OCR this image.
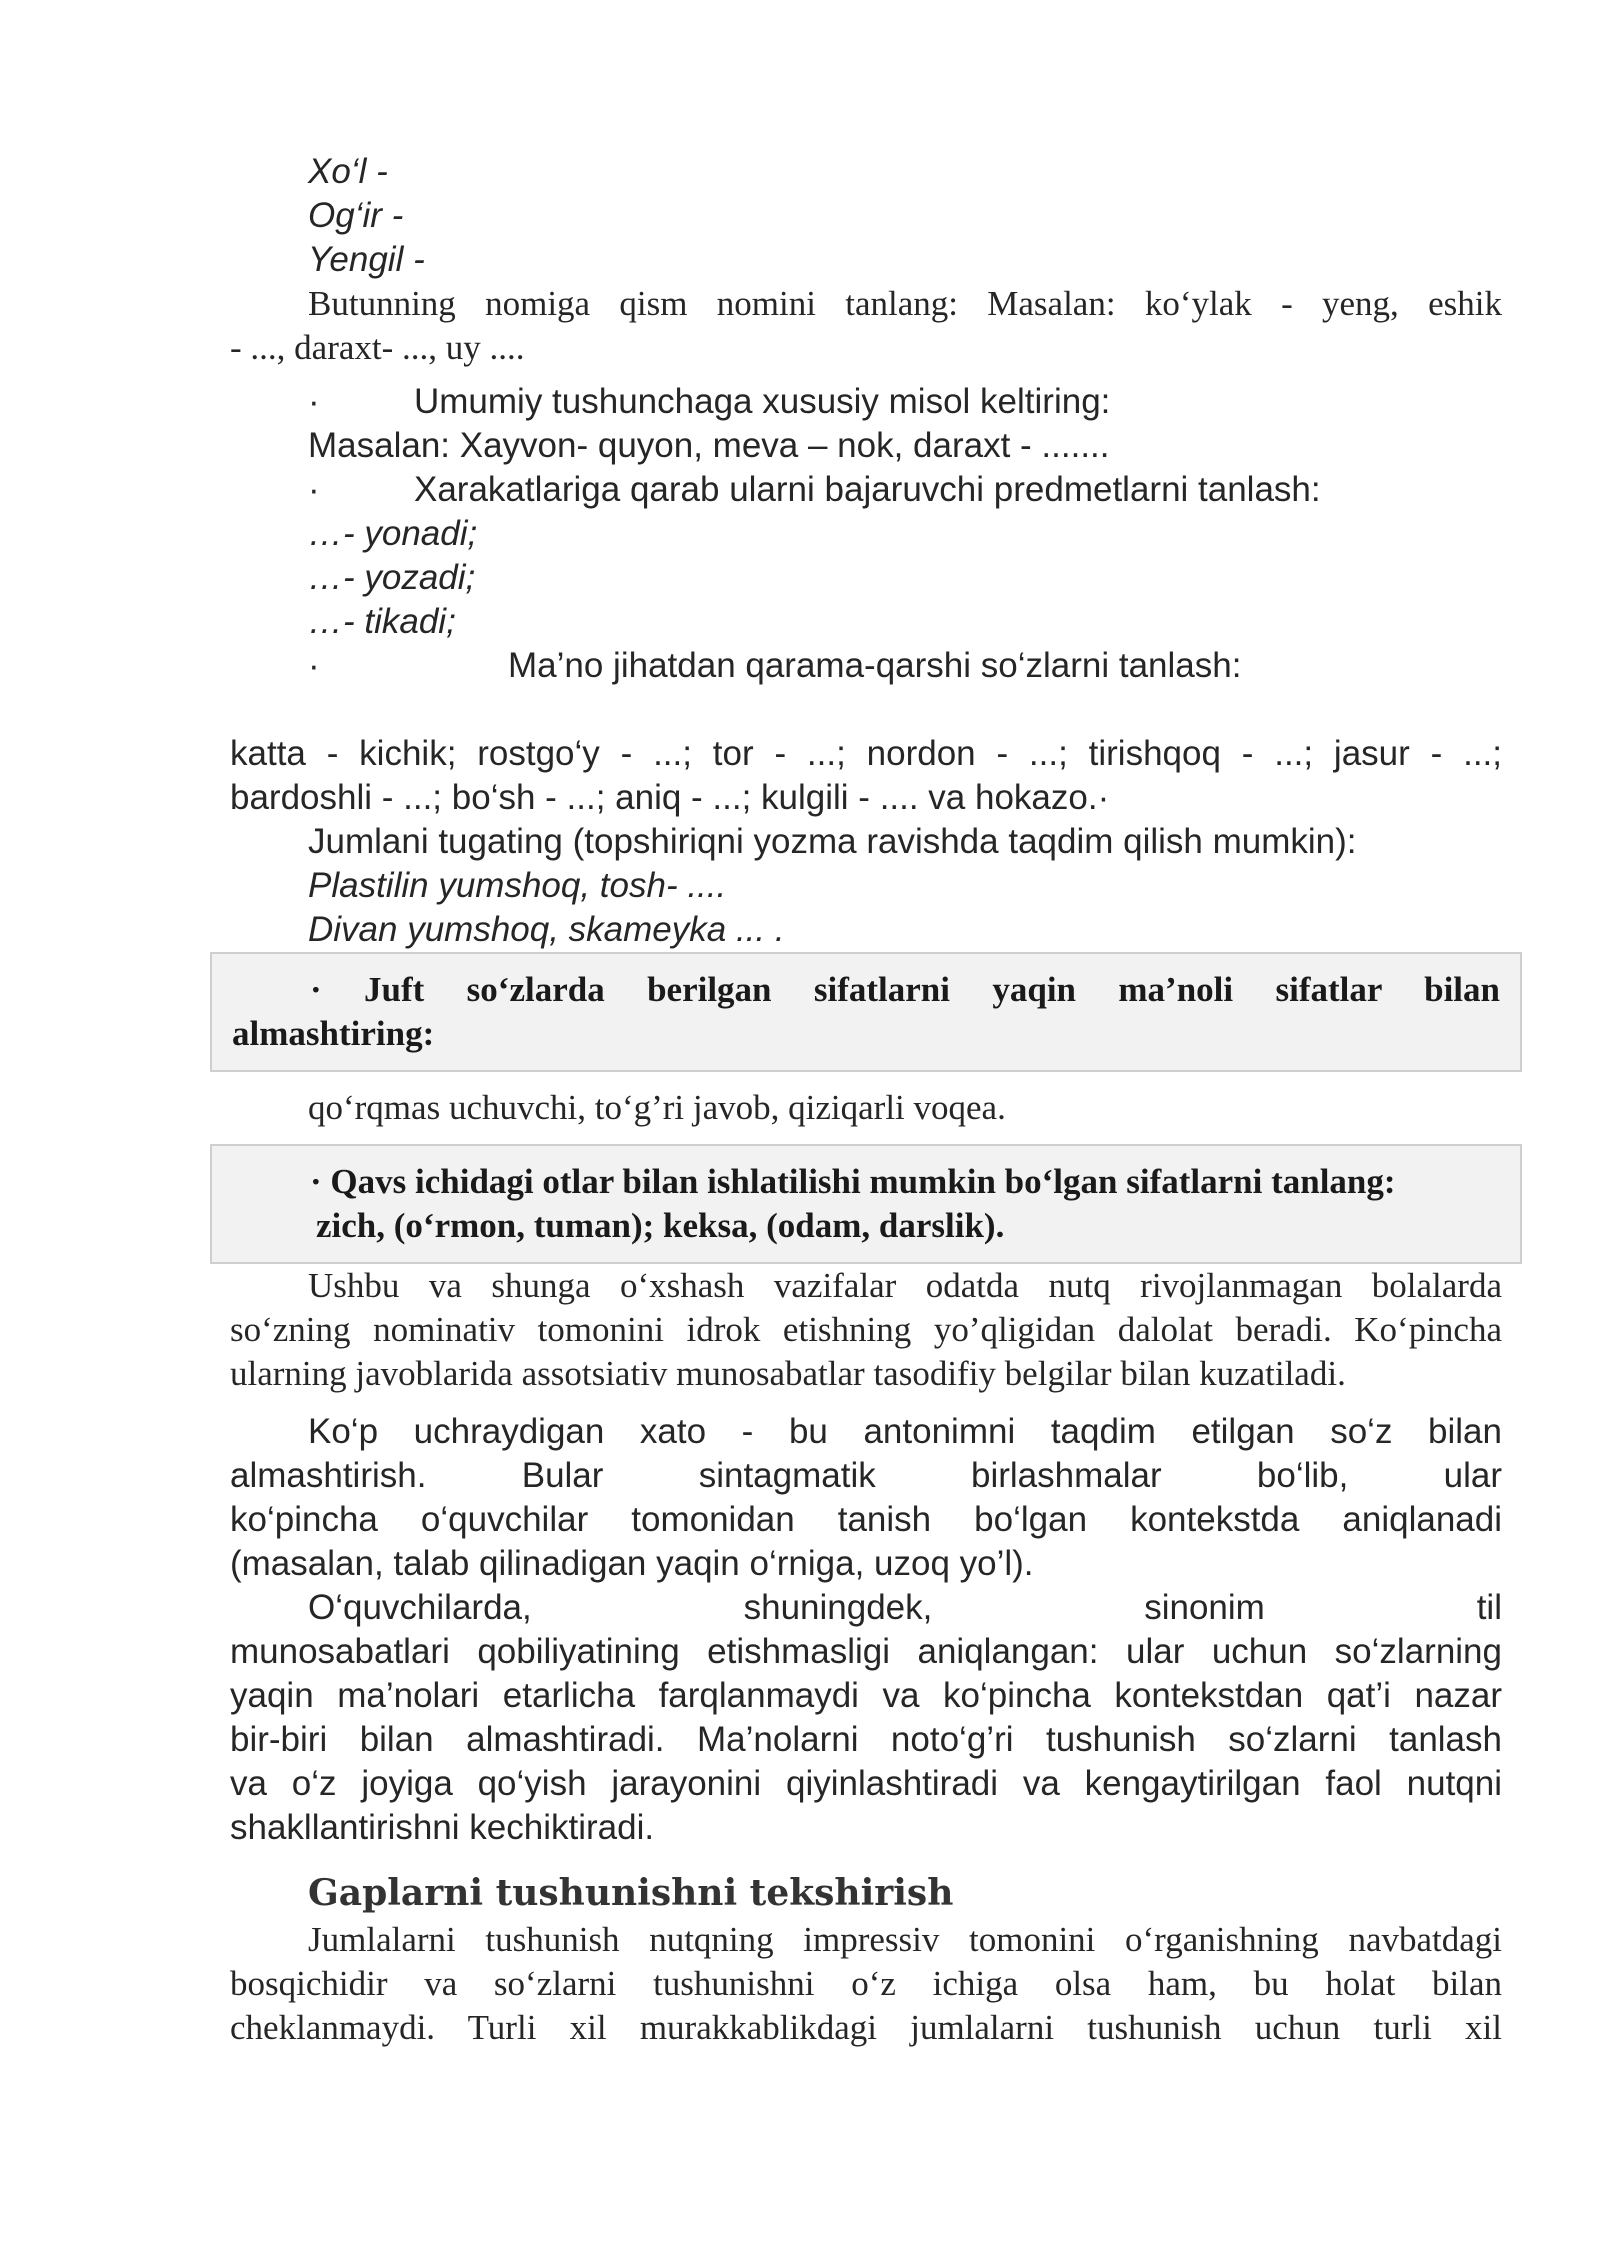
Xo‘l -
Og‘ir -
Yengil -
Butunning nomiga qism nomini tanlang: Masalan: ko‘ylak - yeng, eshik
- ..., daraxt- ..., uy ....
·	Umumiy tushunchaga xususiy misol keltiring:
Masalan: Xayvon- quyon, meva – nok, daraxt - .......
·	Xarakatlariga qarab ularni bajaruvchi predmetlarni tanlash:
…- yonadi;
…- yozadi;
…- tikadi;
·	Ma’no jihatdan qarama-qarshi so‘zlarni tanlash:
katta - kichik; rostgo‘y - ...; tor - ...; nordon - ...; tirishqoq - ...; jasur - ...;
bardoshli - ...; bo‘sh - ...; aniq - ...; kulgili - .... va hokazo.·
Jumlani tugating (topshiriqni yozma ravishda taqdim qilish mumkin):
Plastilin yumshoq, tosh- ....
Divan yumshoq, skameyka ... .
· Juft so‘zlarda berilgan sifatlarni yaqin ma’noli sifatlar bilan
almashtiring:
qo‘rqmas uchuvchi, to‘g’ri javob, qiziqarli voqea.
· Qavs ichidagi otlar bilan ishlatilishi mumkin bo‘lgan sifatlarni tanlang:
zich, (o‘rmon, tuman); keksa, (odam, darslik).
Ushbu va shunga o‘xshash vazifalar odatda nutq rivojlanmagan bolalarda
so‘zning nominativ tomonini idrok etishning yo’qligidan dalolat beradi. Ko‘pincha
ularning javoblarida assotsiativ munosabatlar tasodifiy belgilar bilan kuzatiladi.
Ko‘p uchraydigan xato - bu antonimni taqdim etilgan so‘z bilan
almashtirish. Bular sintagmatik birlashmalar bo‘lib, ular
ko‘pincha o‘quvchilar tomonidan tanish bo‘lgan kontekstda aniqlanadi
(masalan, talab qilinadigan yaqin o‘rniga, uzoq yo’l).
O‘quvchilarda, shuningdek, sinonim til
munosabatlari qobiliyatining etishmasligi aniqlangan: ular uchun so‘zlarning
yaqin ma’nolari etarlicha farqlanmaydi va ko‘pincha kontekstdan qat’i nazar
bir-biri bilan almashtiradi. Ma’nolarni noto‘g’ri tushunish so‘zlarni tanlash
va o‘z joyiga qo‘yish jarayonini qiyinlashtiradi va kengaytirilgan faol nutqni
shakllantirishni kechiktiradi.
Gaplarni tushunishni tekshirish
Jumlalarni tushunish nutqning impressiv tomonini o‘rganishning navbatdagi
bosqichidir va so‘zlarni tushunishni o‘z ichiga olsa ham, bu holat bilan
cheklanmaydi. Turli xil murakkablikdagi jumlalarni tushunish uchun turli xil
